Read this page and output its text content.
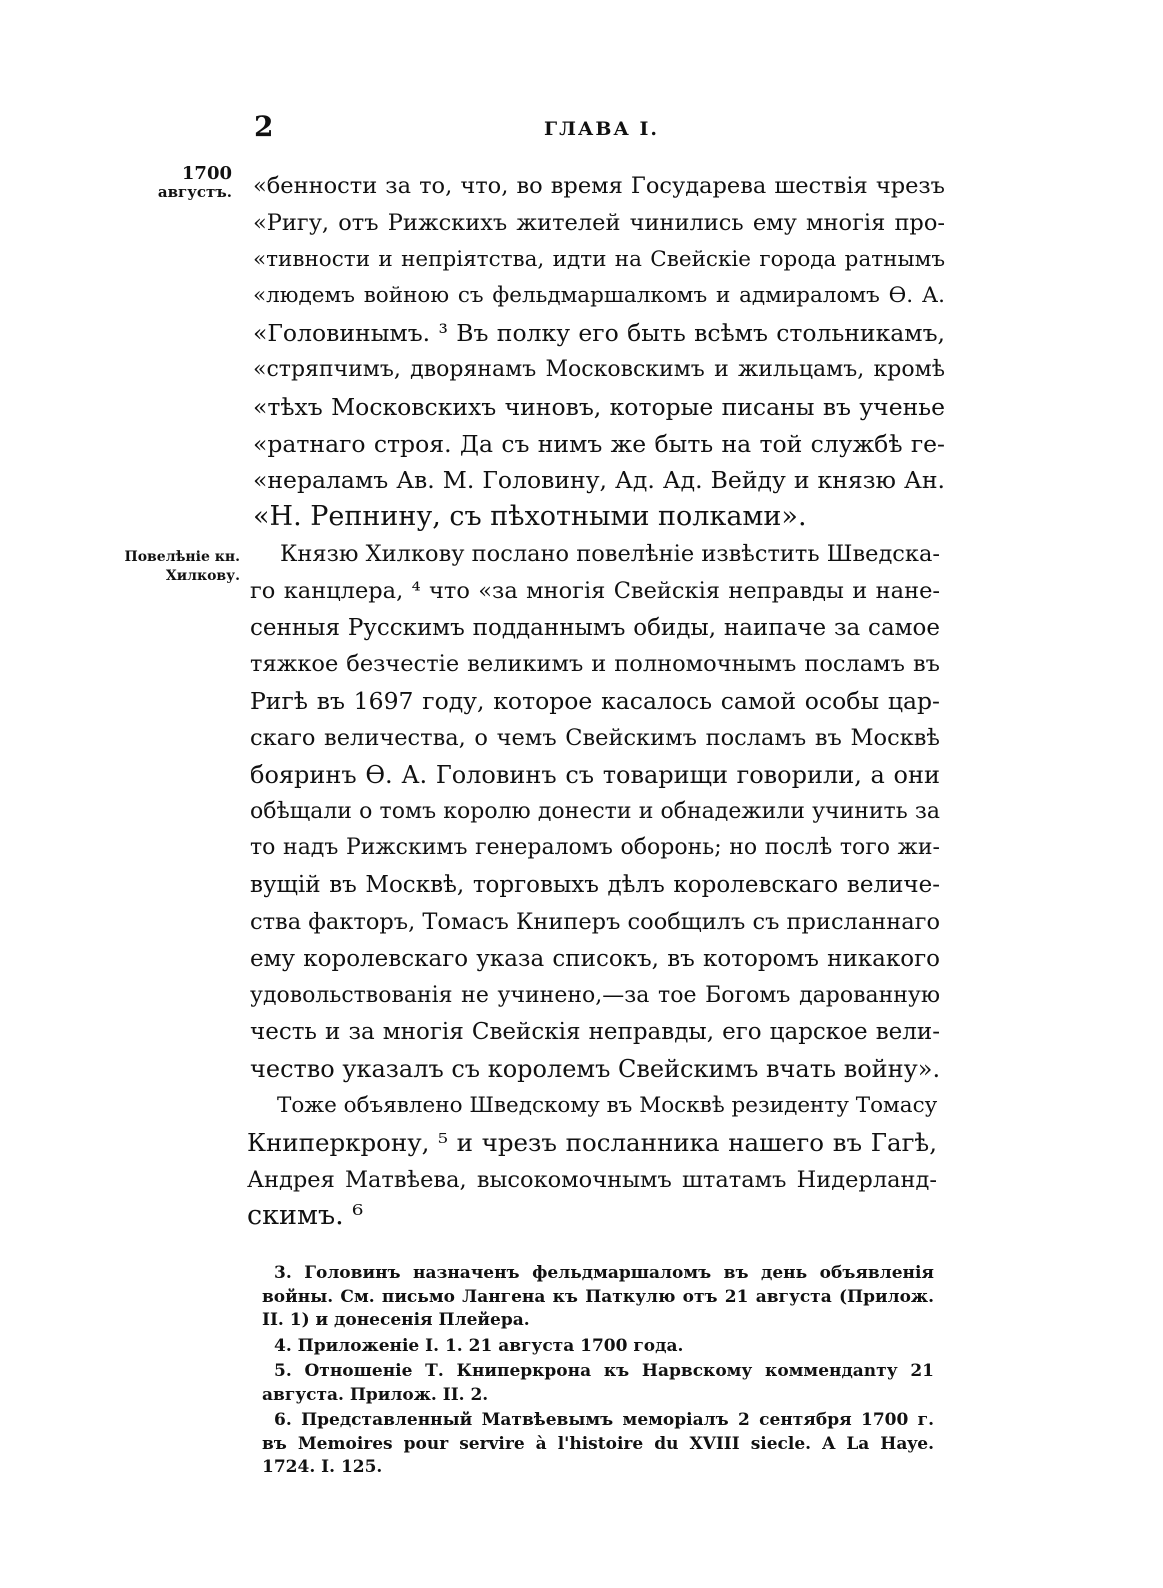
2	ГЛАВА I.
1700
августъ.
Повелѣніе кн.
Хилкову.
«бенности за то, что, во время Государева шествія чрезъ
«Ригу, отъ Рижскихъ жителей чинились ему многія про-
«тивности и непріятства, идти на Свейскіе города ратнымъ
«людемъ войною съ фельдмаршалкомъ и адмираломъ Ѳ. А.
«Головинымъ. ³ Въ полку его быть всѣмъ стольникамъ,
«стряпчимъ, дворянамъ Московскимъ и жильцамъ, кромѣ
«тѣхъ Московскихъ чиновъ, которые писаны въ ученье
«ратнаго строя. Да съ нимъ же быть на той службѣ ге-
«нераламъ Ав. М. Головину, Ад. Ад. Вейду и князю Ан.
«Н. Репнину, съ пѣхотными полками».
Князю Хилкову послано повелѣніе извѣстить Шведска-
го канцлера, ⁴ что «за многія Свейскія неправды и нане-
сенныя Русскимъ подданнымъ обиды, наипаче за самое
тяжкое безчестіе великимъ и полномочнымъ посламъ въ
Ригѣ въ 1697 году, которое касалось самой особы цар-
скаго величества, о чемъ Свейскимъ посламъ въ Москвѣ
бояринъ Ѳ. А. Головинъ съ товарищи говорили, а они
обѣщали о томъ королю донести и обнадежили учинить за
то надъ Рижскимъ генераломъ оборонь; но послѣ того жи-
вущій въ Москвѣ, торговыхъ дѣлъ королевскаго величе-
ства факторъ, Томасъ Книперъ сообщилъ съ присланнаго
ему королевскаго указа списокъ, въ которомъ никакого
удовольствованія не учинено,—за тое Богомъ дарованную
честь и за многія Свейскія неправды, его царское вели-
чество указалъ съ королемъ Свейскимъ вчать войну».
Тоже объявлено Шведскому въ Москвѣ резиденту Томасу
Книперкрону, ⁵ и чрезъ посланника нашего въ Гагѣ,
Андрея Матвѣева, высокомочнымъ штатамъ Нидерланд-
скимъ. ⁶

3. Головинъ назначенъ фельдмаршаломъ въ день объявленія войны. См. письмо Лангена къ Паткулю отъ 21 августа (Прилож. II. 1) и донесенія Плейера.

4. Приложеніе I. 1. 21 августа 1700 года.

5. Отношеніе Т. Книперкрона къ Нарвскому коммендanту 21 августа. Прилож. II. 2.

6. Представленный Матвѣевымъ меморіалъ 2 сентября 1700 г. въ Memoires pour servire à l'histoire du XVIII siecle. A La Haye. 1724. I. 125.
